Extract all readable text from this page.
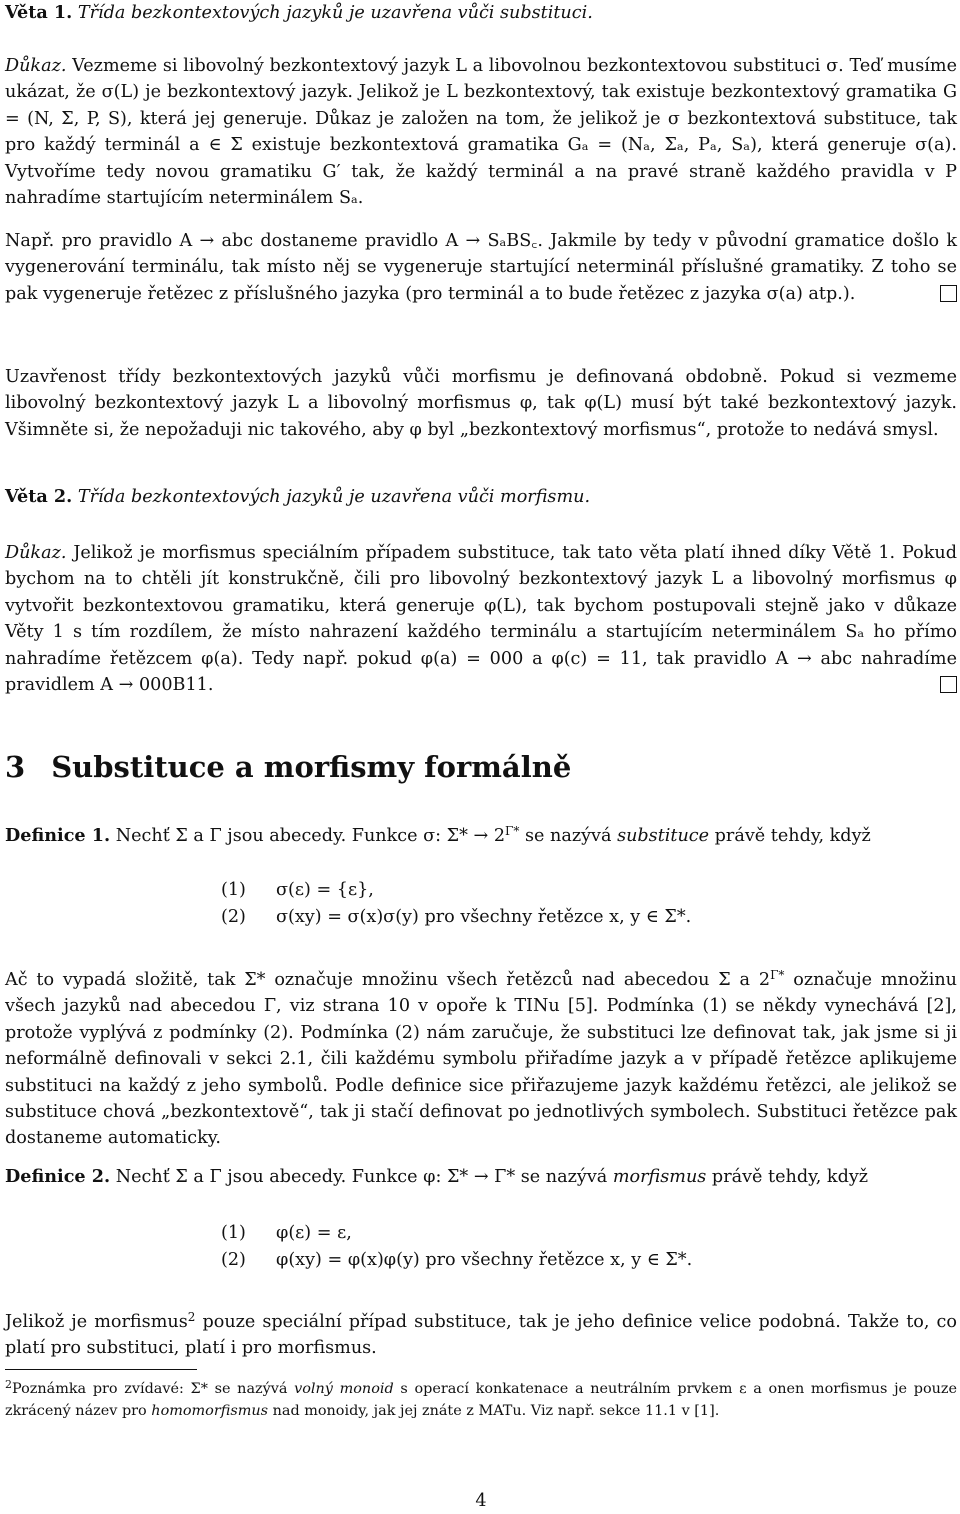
Věta 1. Třída bezkontextových jazyků je uzavřena vůči substituci.
Důkaz. Vezmeme si libovolný bezkontextový jazyk L a libovolnou bezkontextovou substituci σ. Teď musíme ukázat, že σ(L) je bezkontextový jazyk. Jelikož je L bezkontextový, tak existuje bezkontextový gramatika G = (N, Σ, P, S), která jej generuje. Důkaz je založen na tom, že jelikož je σ bezkontextová substituce, tak pro každý terminál a ∈ Σ existuje bezkontextová gramatika Gₐ = (Nₐ, Σₐ, Pₐ, Sₐ), která generuje σ(a). Vytvoříme tedy novou gramatiku G′ tak, že každý terminál a na pravé straně každého pravidla v P nahradíme startujícím neterminálem Sₐ.
Např. pro pravidlo A → abc dostaneme pravidlo A → SₐBS꜀. Jakmile by tedy v původní gramatice došlo k vygenerování terminálu, tak místo něj se vygeneruje startující neterminál příslušné gramatiky. Z toho se pak vygeneruje řetězec z příslušného jazyka (pro terminál a to bude řetězec z jazyka σ(a) atp.).
Uzavřenost třídy bezkontextových jazyků vůči morfismu je definovaná obdobně. Pokud si vezmeme libovolný bezkontextový jazyk L a libovolný morfismus φ, tak φ(L) musí být také bezkontextový jazyk. Všimněte si, že nepožaduji nic takového, aby φ byl „bezkontextový morfismus“, protože to nedává smysl.
Věta 2. Třída bezkontextových jazyků je uzavřena vůči morfismu.
Důkaz. Jelikož je morfismus speciálním případem substituce, tak tato věta platí ihned díky Větě 1. Pokud bychom na to chtěli jít konstrukčně, čili pro libovolný bezkontextový jazyk L a libovolný morfismus φ vytvořit bezkontextovou gramatiku, která generuje φ(L), tak bychom postupovali stejně jako v důkaze Věty 1 s tím rozdílem, že místo nahrazení každého terminálu a startujícím neterminálem Sₐ ho přímo nahradíme řetězcem φ(a). Tedy např. pokud φ(a) = 000 a φ(c) = 11, tak pravidlo A → abc nahradíme pravidlem A → 000B11.
3 Substituce a morfismy formálně
Definice 1. Nechť Σ a Γ jsou abecedy. Funkce σ: $\Sigma* \to 2^{\Gamma*}$ se nazývá substituce právě tehdy, když
(1) σ(ε) = {ε},
(2) σ(xy) = σ(x)σ(y) pro všechny řetězce x, y ∈ Σ*.
Ač to vypadá složitě, tak Σ* označuje množinu všech řetězců nad abecedou Σ a $2^{\Gamma*}$ označuje množinu všech jazyků nad abecedou Γ, viz strana 10 v opoře k TINu [5]. Podmínka (1) se někdy vynechává [2], protože vyplývá z podmínky (2). Podmínka (2) nám zaručuje, že substituci lze definovat tak, jak jsme si ji neformálně definovali v sekci 2.1, čili každému symbolu přiřadíme jazyk a v případě řetězce aplikujeme substituci na každý z jeho symbolů. Podle definice sice přiřazujeme jazyk každému řetězci, ale jelikož se substituce chová „bezkontextově“, tak ji stačí definovat po jednotlivých symbolech. Substituci řetězce pak dostaneme automaticky.
Definice 2. Nechť Σ a Γ jsou abecedy. Funkce φ: Σ* → Γ* se nazývá morfismus právě tehdy, když
(1) φ(ε) = ε,
(2) φ(xy) = φ(x)φ(y) pro všechny řetězce x, y ∈ Σ*.
Jelikož je morfismus$^2$ pouze speciální případ substituce, tak je jeho definice velice podobná. Takže to, co platí pro substituci, platí i pro morfismus.
$^2$Poznámka pro zvídavé: Σ* se nazývá volný monoid s operací konkatenace a neutrálním prvkem ε a onen morfismus je pouze zkrácený název pro homomorfismus nad monoidy, jak jej znáte z MATu. Viz např. sekce 11.1 v [1].
4
